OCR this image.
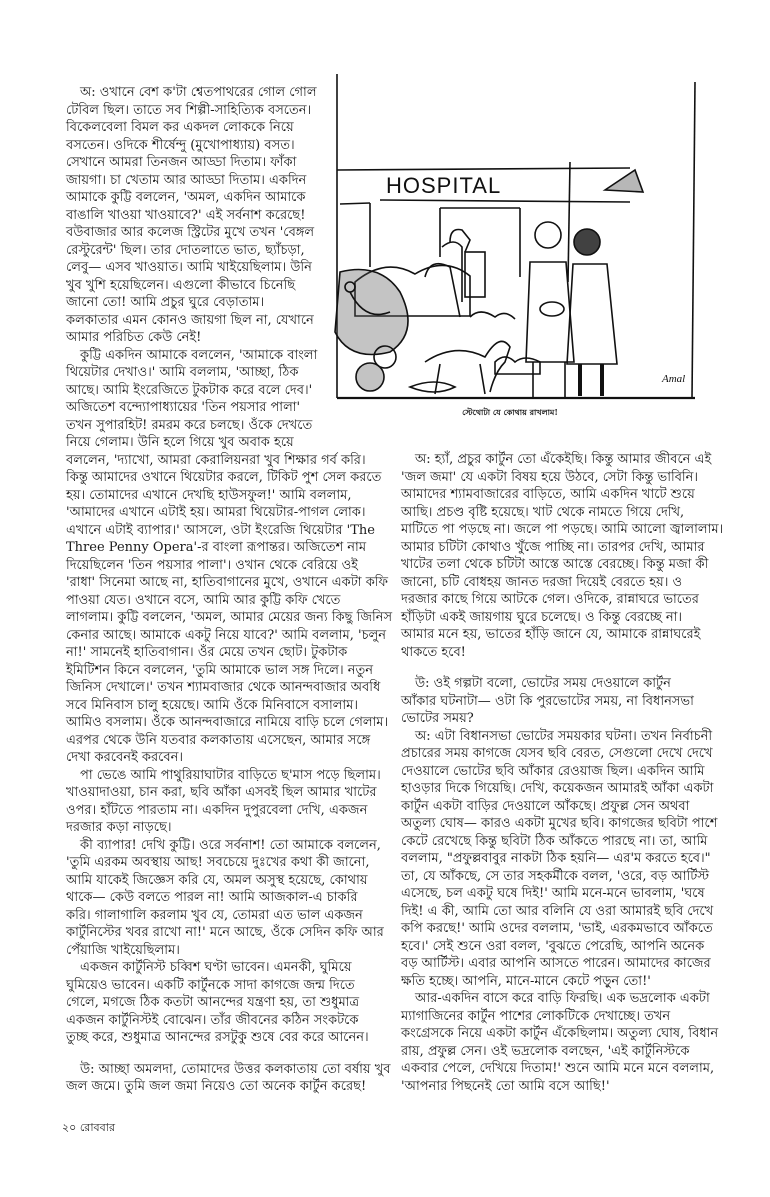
অ: ওখানে বেশ ক'টা শ্বেতপাথরের গোল গোল
টেবিল ছিল। তাতে সব শিল্পী-সাহিত্যিক বসতেন।
বিকেলবেলা বিমল কর একদল লোককে নিয়ে
বসতেন। ওদিকে শীর্ষেন্দু (মুখোপাধ্যায়) বসত।
সেখানে আমরা তিনজন আড্ডা দিতাম। ফাঁকা
জায়গা। চা খেতাম আর আড্ডা দিতাম। একদিন
আমাকে কুট্টি বললেন, 'অমল, একদিন আমাকে
বাঙালি খাওয়া খাওয়াবে?' এই সর্বনাশ করেছে!
বউবাজার আর কলেজ স্ট্রিটের মুখে তখন 'বেঙ্গল
রেস্টুরেন্ট' ছিল। তার দোতলাতে ভাত, ছ্যাঁচড়া,
লেবু— এসব খাওয়াত। আমি খাইয়েছিলাম। উনি
খুব খুশি হয়েছিলেন। এগুলো কীভাবে চিনেছি
জানো তো! আমি প্রচুর ঘুরে বেড়াতাম।
কলকাতার এমন কোনও জায়গা ছিল না, যেখানে
আমার পরিচিত কেউ নেই!
কুট্টি একদিন আমাকে বললেন, 'আমাকে বাংলা
থিয়েটার দেখাও।' আমি বললাম, 'আচ্ছা, ঠিক
আছে। আমি ইংরেজিতে টুকটাক করে বলে দেব।'
অজিতেশ বন্দ্যোপাধ্যায়ের 'তিন পয়সার পালা'
তখন সুপারহিট! রমরম করে চলছে। ওঁকে দেখতে
নিয়ে গেলাম। উনি হলে গিয়ে খুব অবাক হয়ে
বললেন, 'দ্যাখো, আমরা কেরালিয়নরা খুব শিক্ষার গর্ব করি।
কিন্তু আমাদের ওখানে থিয়েটার করলে, টিকিট পুশ সেল করতে
হয়। তোমাদের এখানে দেখছি হাউসফুল!' আমি বললাম,
'আমাদের এখানে এটাই হয়। আমরা থিয়েটার-পাগল লোক।
এখানে এটাই ব্যাপার।' আসলে, ওটা ইংরেজি থিয়েটার 'The
Three Penny Opera'-র বাংলা রূপান্তর। অজিতেশ নাম
দিয়েছিলেন 'তিন পয়সার পালা'। ওখান থেকে বেরিয়ে ওই
'রাধা' সিনেমা আছে না, হাতিবাগানের মুখে, ওখানে একটা কফি
পাওয়া যেত। ওখানে বসে, আমি আর কুট্টি কফি খেতে
লাগলাম। কুট্টি বললেন, 'অমল, আমার মেয়ের জন্য কিছু জিনিস
কেনার আছে। আমাকে একটু নিয়ে যাবে?' আমি বললাম, 'চলুন
না!' সামনেই হাতিবাগান। ওঁর মেয়ে তখন ছোট। টুকটাক
ইমিটিশন কিনে বললেন, 'তুমি আমাকে ভাল সঙ্গ দিলে। নতুন
জিনিস দেখালে।' তখন শ্যামবাজার থেকে আনন্দবাজার অবধি
সবে মিনিবাস চালু হয়েছে। আমি ওঁকে মিনিবাসে বসালাম।
আমিও বসলাম। ওঁকে আনন্দবাজারে নামিয়ে বাড়ি চলে গেলাম।
এরপর থেকে উনি যতবার কলকাতায় এসেছেন, আমার সঙ্গে
দেখা করবেনই করবেন।
পা ভেঙে আমি পাথুরিয়াঘাটার বাড়িতে ছ'মাস পড়ে ছিলাম।
খাওয়াদাওয়া, চান করা, ছবি আঁকা এসবই ছিল আমার খাটের
ওপর। হাঁটতে পারতাম না। একদিন দুপুরবেলা দেখি, একজন
দরজার কড়া নাড়ছে।
কী ব্যাপার! দেখি কুট্টি। ওরে সর্বনাশ! তো আমাকে বললেন,
'তুমি এরকম অবস্থায় আছ! সবচেয়ে দুঃখের কথা কী জানো,
আমি যাকেই জিজ্ঞেস করি যে, অমল অসুস্থ হয়েছে, কোথায়
থাকে— কেউ বলতে পারল না! আমি আজকাল-এ চাকরি
করি। গালাগালি করলাম খুব যে, তোমরা এত ভাল একজন
কার্টুনিস্টের খবর রাখো না!' মনে আছে, ওঁকে সেদিন কফি আর
পেঁয়াজি খাইয়েছিলাম।
একজন কার্টুনিস্ট চব্বিশ ঘণ্টা ভাবেন। এমনকী, ঘুমিয়ে
ঘুমিয়েও ভাবেন। একটি কার্টুনকে সাদা কাগজে জন্ম দিতে
গেলে, মগজে ঠিক কতটা আনন্দের যন্ত্রণা হয়, তা শুধুমাত্র
একজন কার্টুনিস্টই বোঝেন। তাঁর জীবনের কঠিন সংকটকে
তুচ্ছ করে, শুধুমাত্র আনন্দের রসটুকু শুষে বের করে আনেন।
উ: আচ্ছা অমলদা, তোমাদের উত্তর কলকাতায় তো বর্ষায় খুব
জল জমে। তুমি জল জমা নিয়েও তো অনেক কার্টুন করেছ!
HOSPITAL
Amal
স্টেথোটা যে কোথায় রাখলাম!
অ: হ্যাঁ, প্রচুর কার্টুন তো এঁকেইছি। কিন্তু আমার জীবনে এই
'জল জমা' যে একটা বিষয় হয়ে উঠবে, সেটা কিন্তু ভাবিনি।
আমাদের শ্যামবাজারের বাড়িতে, আমি একদিন খাটে শুয়ে
আছি। প্রচণ্ড বৃষ্টি হয়েছে। খাট থেকে নামতে গিয়ে দেখি,
মাটিতে পা পড়ছে না। জলে পা পড়ছে। আমি আলো জ্বালালাম।
আমার চটিটা কোথাও খুঁজে পাচ্ছি না। তারপর দেখি, আমার
খাটের তলা থেকে চটিটা আস্তে আস্তে বেরচ্ছে। কিন্তু মজা কী
জানো, চটি বোধহয় জানত দরজা দিয়েই বেরতে হয়। ও
দরজার কাছে গিয়ে আটকে গেল। ওদিকে, রান্নাঘরে ভাতের
হাঁড়িটা একই জায়গায় ঘুরে চলেছে। ও কিন্তু বেরচ্ছে না।
আমার মনে হয়, ভাতের হাঁড়ি জানে যে, আমাকে রান্নাঘরেই
থাকতে হবে!
উ: ওই গল্পটা বলো, ভোটের সময় দেওয়ালে কার্টুন
আঁকার ঘটনাটা— ওটা কি পুরভোটের সময়, না বিধানসভা
ভোটের সময়?
অ: এটা বিধানসভা ভোটের সময়কার ঘটনা। তখন নির্বাচনী
প্রচারের সময় কাগজে যেসব ছবি বেরত, সেগুলো দেখে দেখে
দেওয়ালে ভোটের ছবি আঁকার রেওয়াজ ছিল। একদিন আমি
হাওড়ার দিকে গিয়েছি। দেখি, কয়েকজন আমারই আঁকা একটা
কার্টুন একটা বাড়ির দেওয়ালে আঁকছে। প্রফুল্ল সেন অথবা
অতুল্য ঘোষ— কারও একটা মুখের ছবি। কাগজের ছবিটা পাশে
কেটে রেখেছে কিন্তু ছবিটা ঠিক আঁকতে পারছে না। তা, আমি
বললাম, "প্রফুল্লবাবুর নাকটা ঠিক হয়নি— এর'ম করতে হবে।"
তা, যে আঁকছে, সে তার সহকর্মীকে বলল, 'ওরে, বড় আর্টিস্ট
এসেছে, চল একটু ঘষে দিই!' আমি মনে-মনে ভাবলাম, 'ঘষে
দিই! এ কী, আমি তো আর বলিনি যে ওরা আমারই ছবি দেখে
কপি করছে!' আমি ওদের বললাম, 'ভাই, এরকমভাবে আঁকতে
হবে।' সেই শুনে ওরা বলল, 'বুঝতে পেরেছি, আপনি অনেক
বড় আর্টিস্ট। এবার আপনি আসতে পারেন। আমাদের কাজের
ক্ষতি হচ্ছে। আপনি, মানে-মানে কেটে পড়ুন তো!'
আর-একদিন বাসে করে বাড়ি ফিরছি। এক ভদ্রলোক একটা
ম্যাগাজিনের কার্টুন পাশের লোকটিকে দেখাচ্ছে। তখন
কংগ্রেসকে নিয়ে একটা কার্টুন এঁকেছিলাম। অতুল্য ঘোষ, বিধান
রায়, প্রফুল্ল সেন। ওই ভদ্রলোক বলছেন, 'এই কার্টুনিস্টকে
একবার পেলে, দেখিয়ে দিতাম!' শুনে আমি মনে মনে বললাম,
'আপনার পিছনেই তো আমি বসে আছি!'
২০ রোববার
